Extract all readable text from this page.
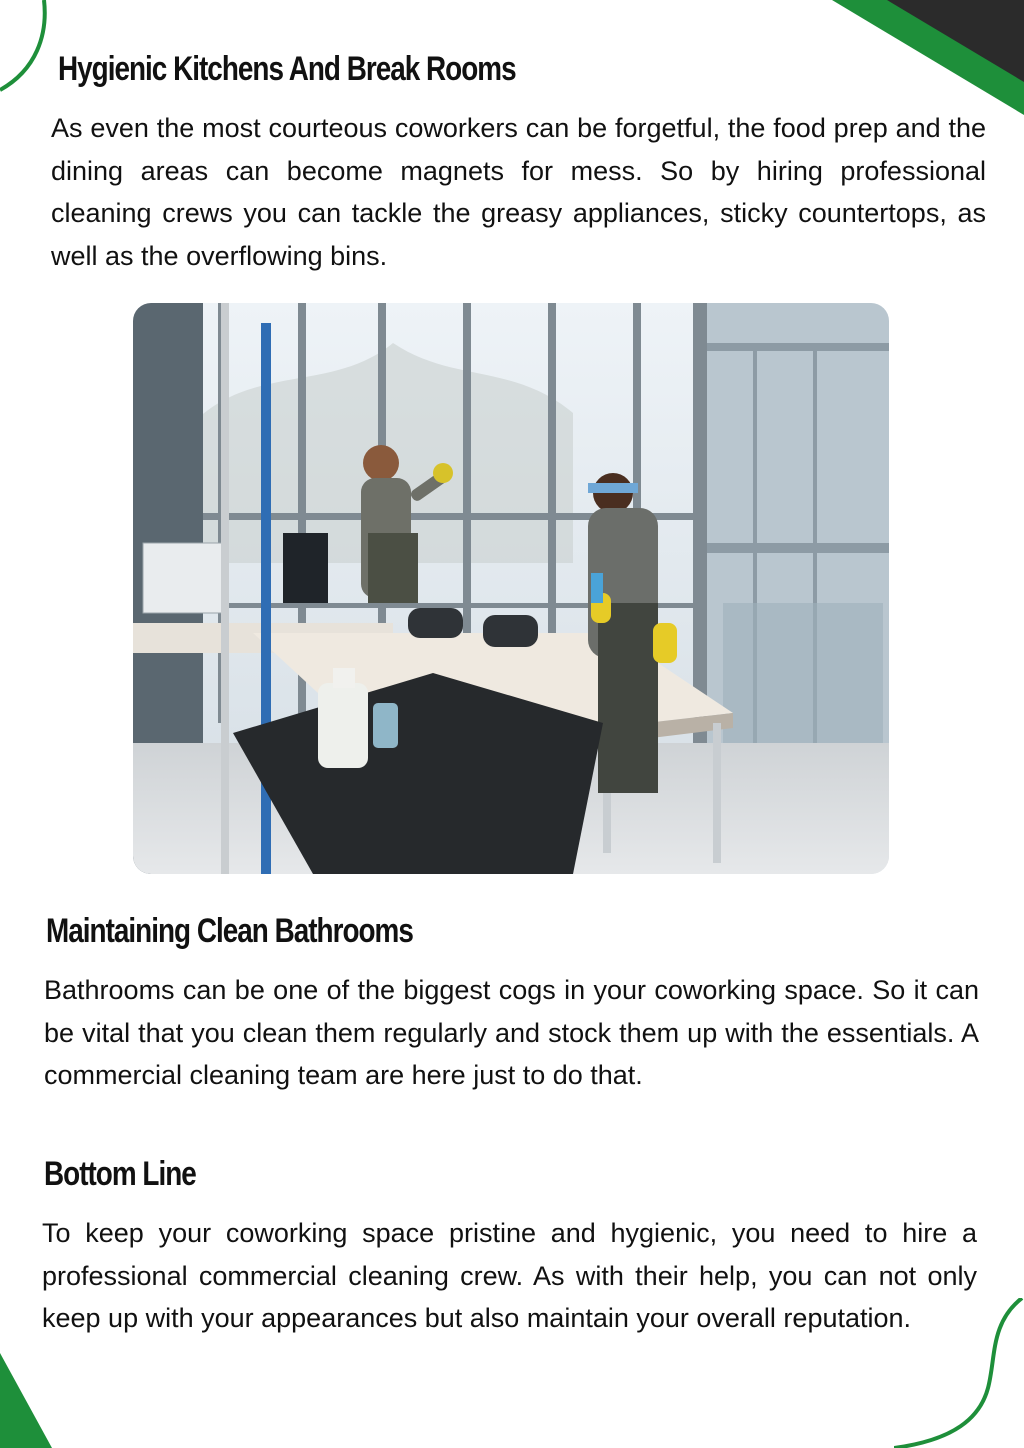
Hygienic Kitchens And Break Rooms

As even the most courteous coworkers can be forgetful, the food prep and the dining areas can become magnets for mess. So by hiring professional cleaning crews you can tackle the greasy appliances, sticky countertops, as well as the overflowing bins.

Maintaining Clean Bathrooms

Bathrooms can be one of the biggest cogs in your coworking space. So it can be vital that you clean them regularly and stock them up with the essentials. A commercial cleaning team are here just to do that.

Bottom Line

To keep your coworking space pristine and hygienic, you need to hire a professional commercial cleaning crew. As with their help, you can not only keep up with your appearances but also maintain your overall reputation.
